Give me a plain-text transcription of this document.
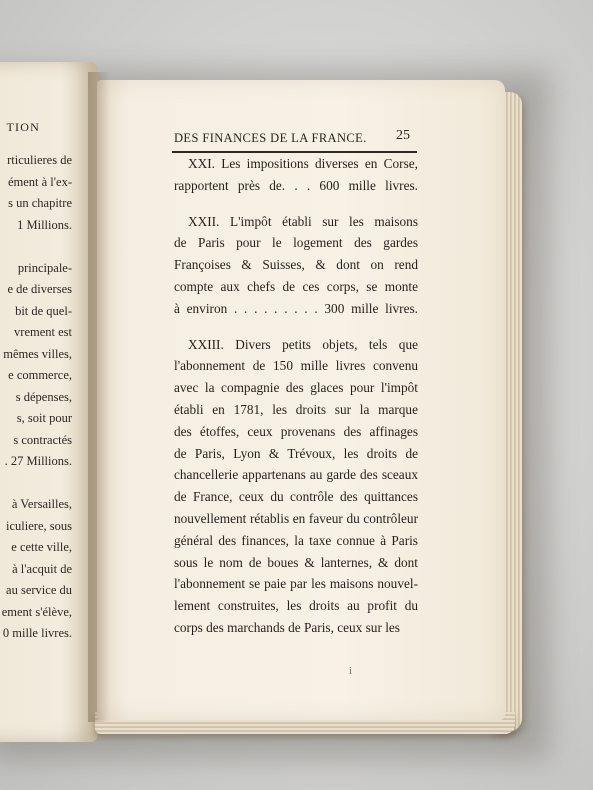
TION
rticulieres de
ément à l'ex-
s un chapitre
1 Millions.
principale-
e de diverses
bit de quel-
vrement est
mêmes villes,
e commerce,
s dépenses,
s, soit pour
s contractés
. 27 Millions.
à Versailles,
iculiere, sous
e cette ville,
à l'acquit de
au service du
ement s'élève,
0 mille livres.
DES FINANCES DE LA FRANCE. 25
XXI. Les impositions diverses en Corse,
rapportent près de. . . 600 mille livres.
XXII. L'impôt établi sur les maisons
de Paris pour le logement des gardes
Françoises & Suisses, & dont on rend
compte aux chefs de ces corps, se monte
à environ . . . . . . . . . 300 mille livres.
XXIII. Divers petits objets, tels que
l'abonnement de 150 mille livres convenu
avec la compagnie des glaces pour l'impôt
établi en 1781, les droits sur la marque
des étoffes, ceux provenans des affinages
de Paris, Lyon & Trévoux, les droits de
chancellerie appartenans au garde des sceaux
de France, ceux du contrôle des quittances
nouvellement rétablis en faveur du contrôleur
général des finances, la taxe connue à Paris
sous le nom de boues & lanternes, & dont
l'abonnement se paie par les maisons nouvel-
lement construites, les droits au profit du
corps des marchands de Paris, ceux sur les
i
